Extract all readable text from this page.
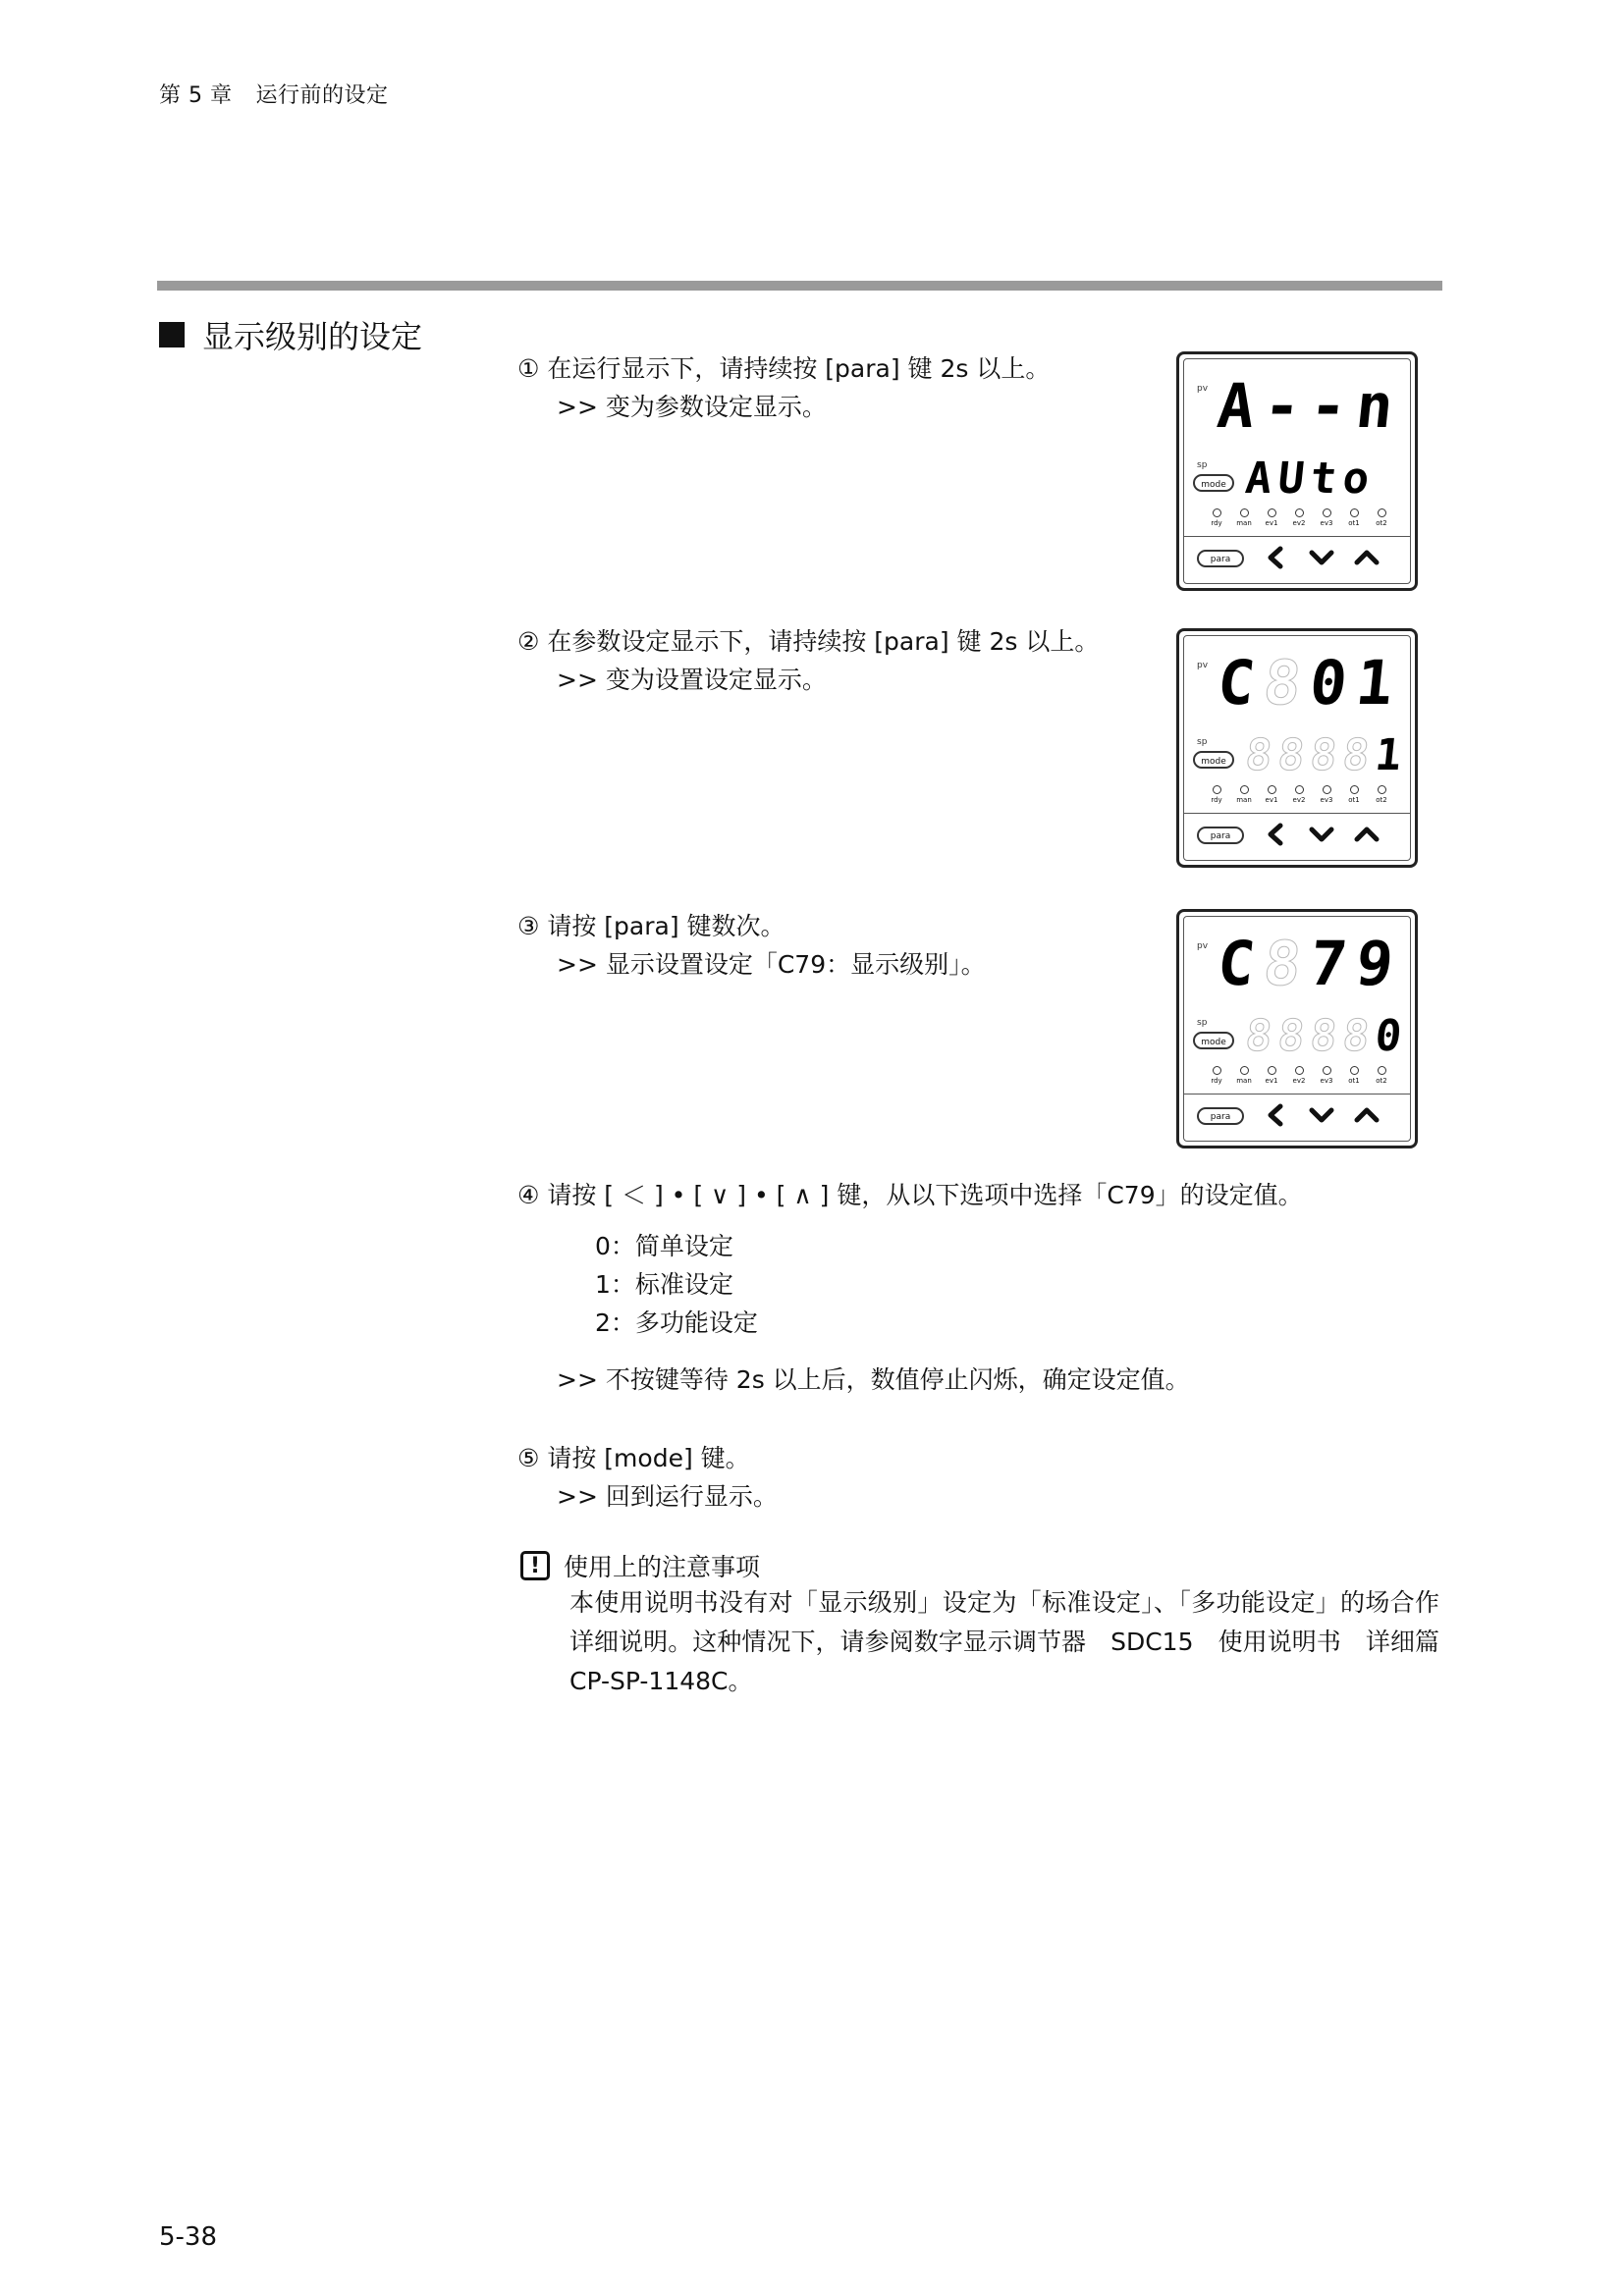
第 5 章 运行前的设定
显示级别的设定
① 在运行显示下，请持续按 [para] 键 2s 以上。
>> 变为参数设定显示。
② 在参数设定显示下，请持续按 [para] 键 2s 以上。
>> 变为设置设定显示。
③ 请按 [para] 键数次。
>> 显示设置设定「C79：显示级别」。
④ 请按 [ ＜ ] • [ ∨ ] • [ ∧ ] 键，从以下选项中选择「C79」的设定值。
0：简单设定
1：标准设定
2：多功能设定
>> 不按键等待 2s 以上后，数值停止闪烁，确定设定值。
⑤ 请按 [mode] 键。
>> 回到运行显示。
! 使用上的注意事项
本使用说明书没有对「显示级别」设定为「标准设定」、「多功能设定」的场合作详细说明。这种情况下，请参阅数字显示调节器　SDC15　使用说明书　详细篇　CP-SP-1148C。
pv
sp
A - - n
A U t o
mode
rdy man ev1 ev2 ev3 ot1 ot2
para
pv
sp
C 8 0 1
8 8 8 8 1
mode
rdy man ev1 ev2 ev3 ot1 ot2
para
pv
sp
C 8 7 9
8 8 8 8 0
mode
rdy man ev1 ev2 ev3 ot1 ot2
para
5-38
